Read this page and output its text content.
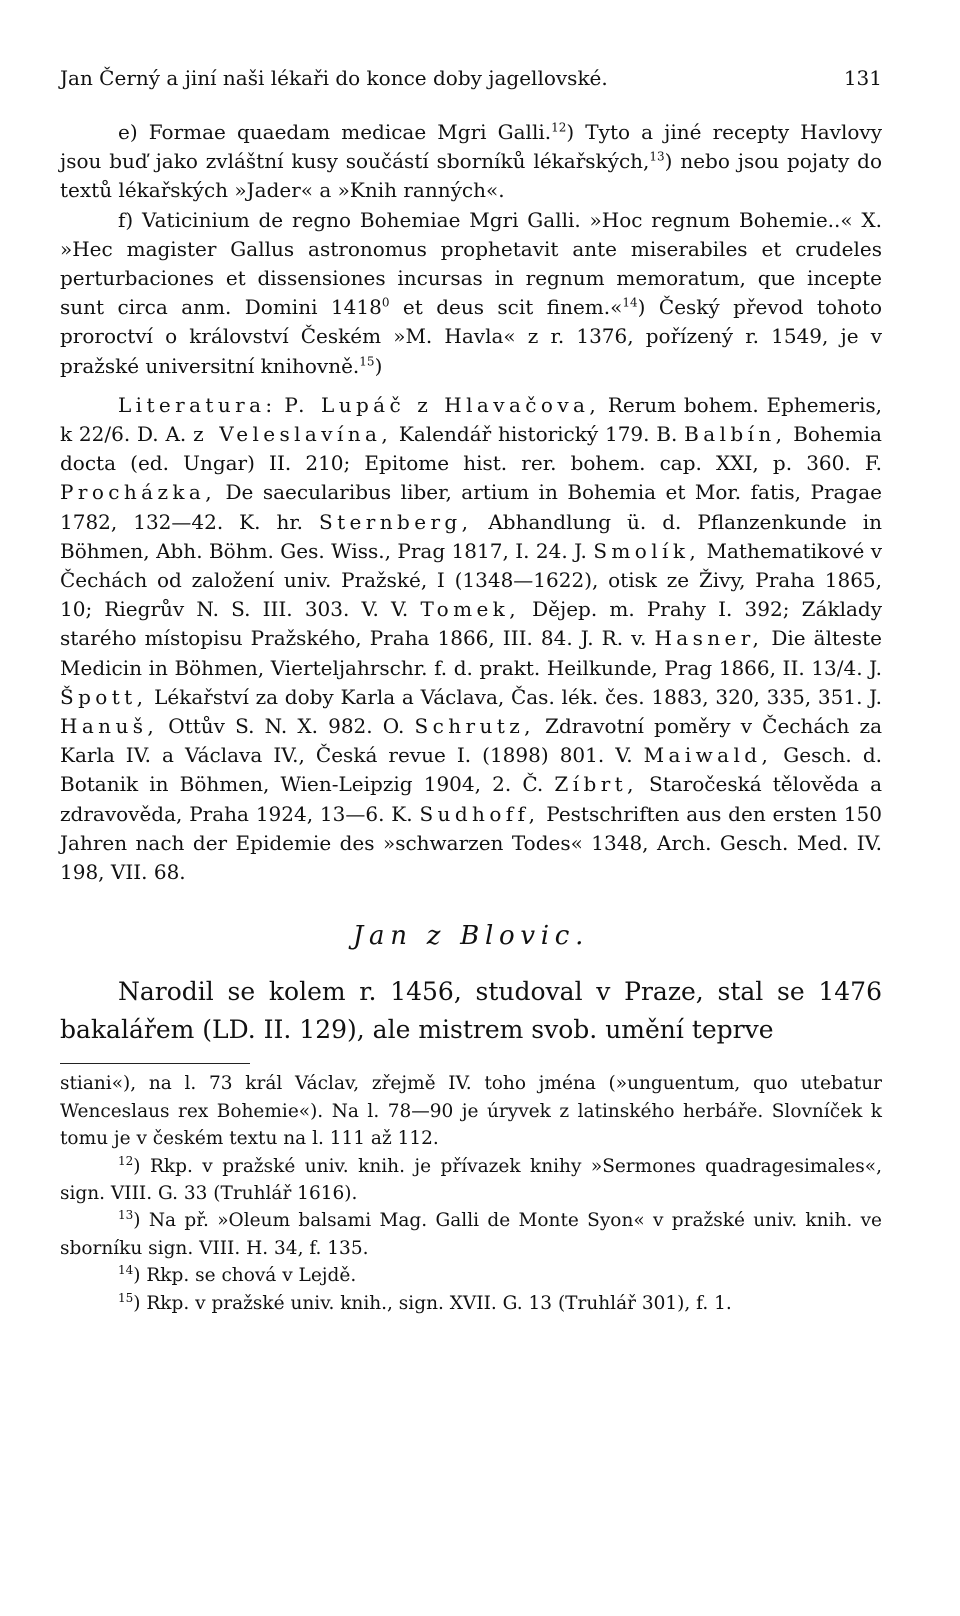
Jan Černý a jiní naši lékaři do konce doby jagellovské.	131

e) Formae quaedam medicae Mgri Galli.$^{12}$) Tyto a jiné recepty Havlovy jsou buď jako zvláštní kusy součástí sborníků lékařských,$^{13}$) nebo jsou pojaty do textů lékařských »Jader« a »Knih ranných«.

f) Vaticinium de regno Bohemiae Mgri Galli. »Hoc regnum Bohemie..« X. »Hec magister Gallus astronomus prophetavit ante miserabiles et crudeles perturbaciones et dissensiones incursas in regnum memoratum, que incepte sunt circa anm. Domini 1418$^0$ et deus scit finem.«$^{14}$) Český převod tohoto proroctví o království Českém »M. Havla« z r. 1376, pořízený r. 1549, je v pražské universitní knihovně.$^{15}$)

Literatura: P. Lupáč z Hlavačova, Rerum bohem. Ephemeris, k 22/6. D. A. z Veleslavína, Kalendář historický 179. B. Balbín, Bohemia docta (ed. Ungar) II. 210; Epitome hist. rer. bohem. cap. XXI, p. 360. F. Procházka, De saecularibus liber, artium in Bohemia et Mor. fatis, Pragae 1782, 132—42. K. hr. Sternberg, Abhandlung ü. d. Pflanzenkunde in Böhmen, Abh. Böhm. Ges. Wiss., Prag 1817, I. 24. J. Smolík, Mathematikové v Čechách od založení univ. Pražské, I (1348—1622), otisk ze Živy, Praha 1865, 10; Riegrův N. S. III. 303. V. V. Tomek, Dějep. m. Prahy I. 392; Základy starého místopisu Pražského, Praha 1866, III. 84. J. R. v. Hasner, Die älteste Medicin in Böhmen, Vierteljahrschr. f. d. prakt. Heilkunde, Prag 1866, II. 13/4. J. Špott, Lékařství za doby Karla a Václava, Čas. lék. čes. 1883, 320, 335, 351. J. Hanuš, Ottův S. N. X. 982. O. Schrutz, Zdravotní poměry v Čechách za Karla IV. a Václava IV., Česká revue I. (1898) 801. V. Maiwald, Gesch. d. Botanik in Böhmen, Wien-Leipzig 1904, 2. Č. Zíbrt, Staročeská tělověda a zdravověda, Praha 1924, 13—6. K. Sudhoff, Pestschriften aus den ersten 150 Jahren nach der Epidemie des »schwarzen Todes« 1348, Arch. Gesch. Med. IV. 198, VII. 68.

Jan z Blovic.

Narodil se kolem r. 1456, studoval v Praze, stal se 1476 bakalářem (LD. II. 129), ale mistrem svob. umění teprve

stiani«), na l. 73 král Václav, zřejmě IV. toho jména (»unguentum, quo utebatur Wenceslaus rex Bohemie«). Na l. 78—90 je úryvek z latinského herbáře. Slovníček k tomu je v českém textu na l. 111 až 112.

$^{12}$) Rkp. v pražské univ. knih. je přívazek knihy »Sermones quadragesimales«, sign. VIII. G. 33 (Truhlář 1616).

$^{13}$) Na př. »Oleum balsami Mag. Galli de Monte Syon« v pražské univ. knih. ve sborníku sign. VIII. H. 34, f. 135.

$^{14}$) Rkp. se chová v Lejdě.

$^{15}$) Rkp. v pražské univ. knih., sign. XVII. G. 13 (Truhlář 301), f. 1.
